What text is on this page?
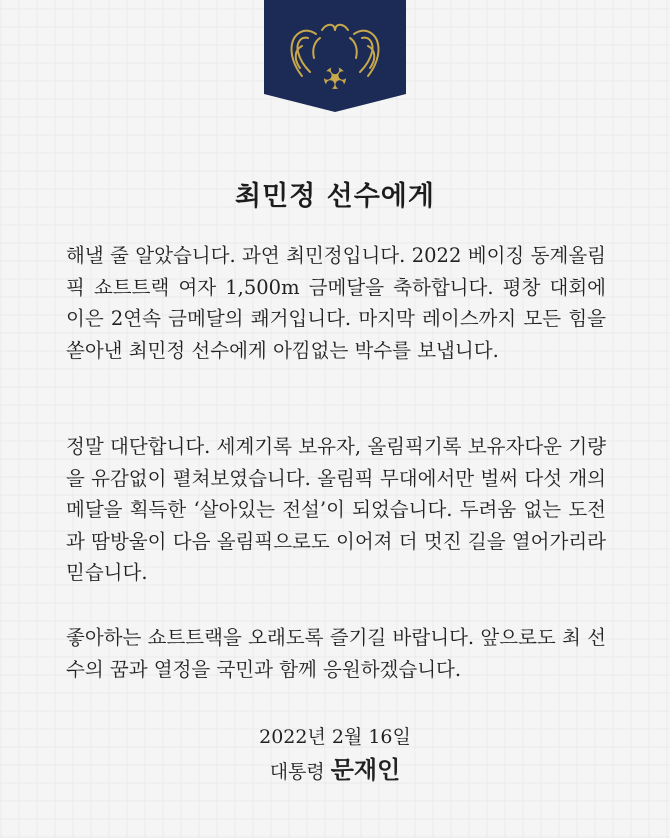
최민정 선수에게
해낼 줄 알았습니다. 과연 최민정입니다. 2022 베이징 동계올림픽 쇼트트랙 여자 1,500m 금메달을 축하합니다. 평창 대회에 이은 2연속 금메달의 쾌거입니다. 마지막 레이스까지 모든 힘을 쏟아낸 최민정 선수에게 아낌없는 박수를 보냅니다.
정말 대단합니다. 세계기록 보유자, 올림픽기록 보유자다운 기량을 유감없이 펼쳐보였습니다. 올림픽 무대에서만 벌써 다섯 개의 메달을 획득한 ‘살아있는 전설’이 되었습니다. 두려움 없는 도전과 땀방울이 다음 올림픽으로도 이어져 더 멋진 길을 열어가리라 믿습니다.
좋아하는 쇼트트랙을 오래도록 즐기길 바랍니다. 앞으로도 최 선수의 꿈과 열정을 국민과 함께 응원하겠습니다.
2022년 2월 16일
대통령 문재인
